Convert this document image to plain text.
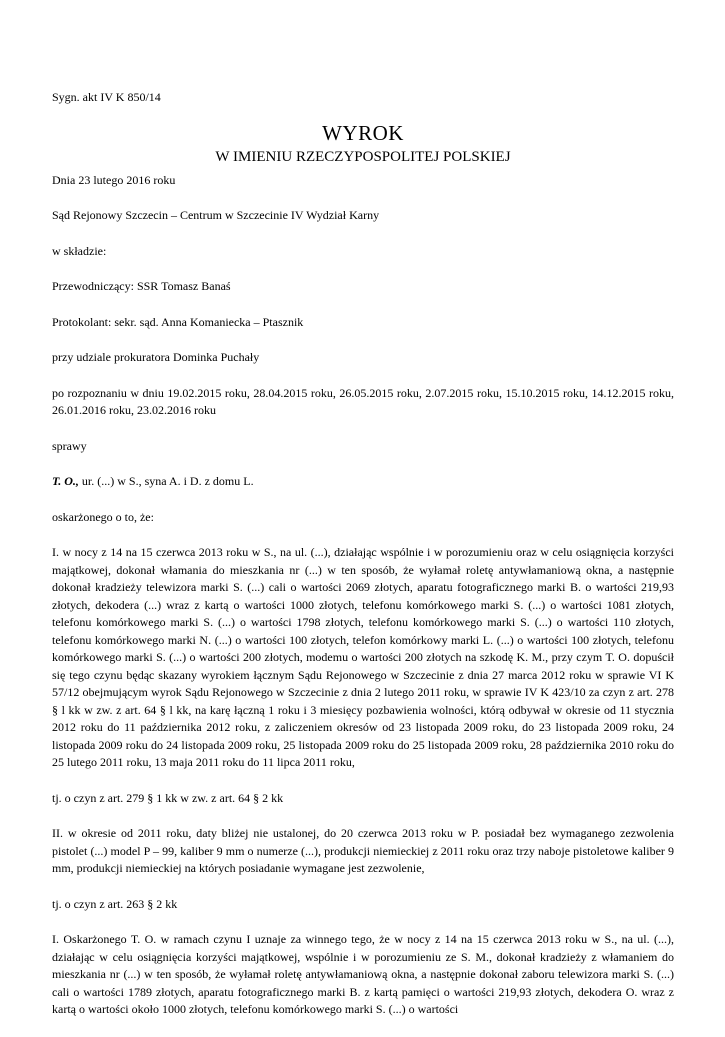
Sygn. akt IV K 850/14

WYROK
W IMIENIU RZECZYPOSPOLITEJ POLSKIEJ

Dnia 23 lutego 2016 roku

Sąd Rejonowy Szczecin – Centrum w Szczecinie IV Wydział Karny

w składzie:

Przewodniczący: SSR Tomasz Banaś

Protokolant: sekr. sąd. Anna Komaniecka – Ptasznik

przy udziale prokuratora Dominka Puchały

po rozpoznaniu w dniu 19.02.2015 roku, 28.04.2015 roku, 26.05.2015 roku, 2.07.2015 roku, 15.10.2015 roku, 14.12.2015 roku, 26.01.2016 roku, 23.02.2016 roku

sprawy

T. O., ur. (...) w S., syna A. i D. z domu L.

oskarżonego o to, że:

I. w nocy z 14 na 15 czerwca 2013 roku w S., na ul. (...), działając wspólnie i w porozumieniu oraz w celu osiągnięcia korzyści majątkowej, dokonał włamania do mieszkania nr (...) w ten sposób, że wyłamał roletę antywłamaniową okna, a następnie dokonał kradzieży telewizora marki S. (...) cali o wartości 2069 złotych, aparatu fotograficznego marki B. o wartości 219,93 złotych, dekodera (...) wraz z kartą o wartości 1000 złotych, telefonu komórkowego marki S. (...) o wartości 1081 złotych, telefonu komórkowego marki S. (...) o wartości 1798 złotych, telefonu komórkowego marki S. (...) o wartości 110 złotych, telefonu komórkowego marki N. (...) o wartości 100 złotych, telefon komórkowy marki L. (...) o wartości 100 złotych, telefonu komórkowego marki S. (...) o wartości 200 złotych, modemu o wartości 200 złotych na szkodę K. M., przy czym T. O. dopuścił się tego czynu będąc skazany wyrokiem łącznym Sądu Rejonowego w Szczecinie z dnia 27 marca 2012 roku w sprawie VI K 57/12 obejmującym wyrok Sądu Rejonowego w Szczecinie z dnia 2 lutego 2011 roku, w sprawie IV K 423/10 za czyn z art. 278 § l kk w zw. z art. 64 § l kk, na karę łączną 1 roku i 3 miesięcy pozbawienia wolności, którą odbywał w okresie od 11 stycznia 2012 roku do 11 października 2012 roku, z zaliczeniem okresów od 23 listopada 2009 roku, do 23 listopada 2009 roku, 24 listopada 2009 roku do 24 listopada 2009 roku, 25 listopada 2009 roku do 25 listopada 2009 roku, 28 października 2010 roku do 25 lutego 2011 roku, 13 maja 2011 roku do 11 lipca 2011 roku,

tj. o czyn z art. 279 § 1 kk w zw. z art. 64 § 2 kk

II. w okresie od 2011 roku, daty bliżej nie ustalonej, do 20 czerwca 2013 roku w P. posiadał bez wymaganego zezwolenia pistolet (...) model P – 99, kaliber 9 mm o numerze (...), produkcji niemieckiej z 2011 roku oraz trzy naboje pistoletowe kaliber 9 mm, produkcji niemieckiej na których posiadanie wymagane jest zezwolenie,

tj. o czyn z art. 263 § 2 kk

I. Oskarżonego T. O. w ramach czynu I uznaje za winnego tego, że w nocy z 14 na 15 czerwca 2013 roku w S., na ul. (...), działając w celu osiągnięcia korzyści majątkowej, wspólnie i w porozumieniu ze S. M., dokonał kradzieży z włamaniem do mieszkania nr (...) w ten sposób, że wyłamał roletę antywłamaniową okna, a następnie dokonał zaboru telewizora marki S. (...) cali o wartości 1789 złotych, aparatu fotograficznego marki B. z kartą pamięci o wartości 219,93 złotych, dekodera O. wraz z kartą o wartości około 1000 złotych, telefonu komórkowego marki S. (...) o wartości
